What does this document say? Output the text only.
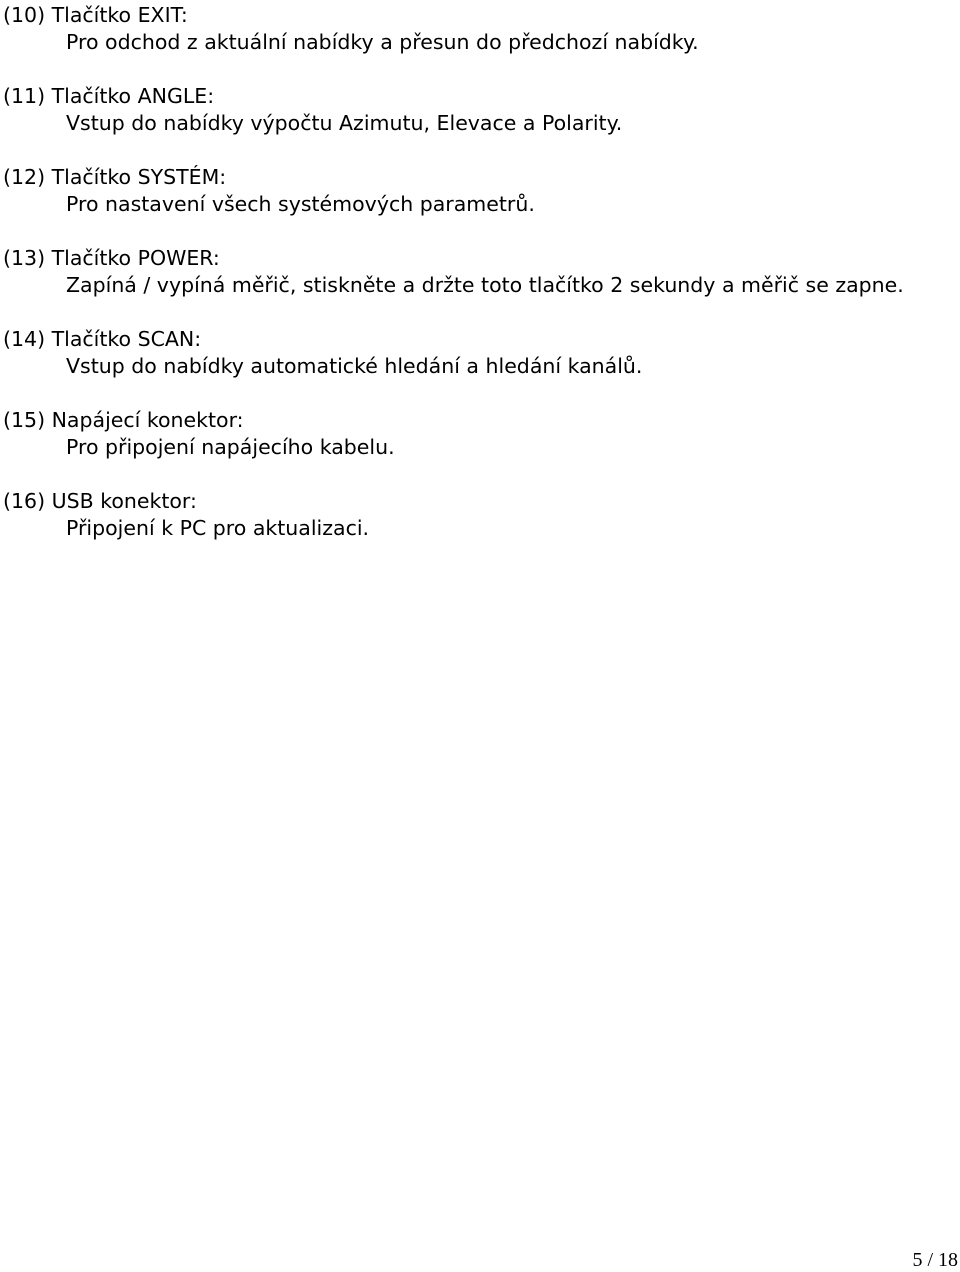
(10) Tlačítko EXIT:

Pro odchod z aktuální nabídky a přesun do předchozí nabídky.

(11) Tlačítko ANGLE:

Vstup do nabídky výpočtu Azimutu, Elevace a Polarity.

(12) Tlačítko SYSTÉM:

Pro nastavení všech systémových parametrů.

(13) Tlačítko POWER:

Zapíná / vypíná měřič, stiskněte a držte toto tlačítko 2 sekundy a měřič se zapne.

(14) Tlačítko SCAN:

Vstup do nabídky automatické hledání a hledání kanálů.

(15) Napájecí konektor:

Pro připojení napájecího kabelu.

(16) USB konektor:

Připojení k PC pro aktualizaci.

5 / 18
